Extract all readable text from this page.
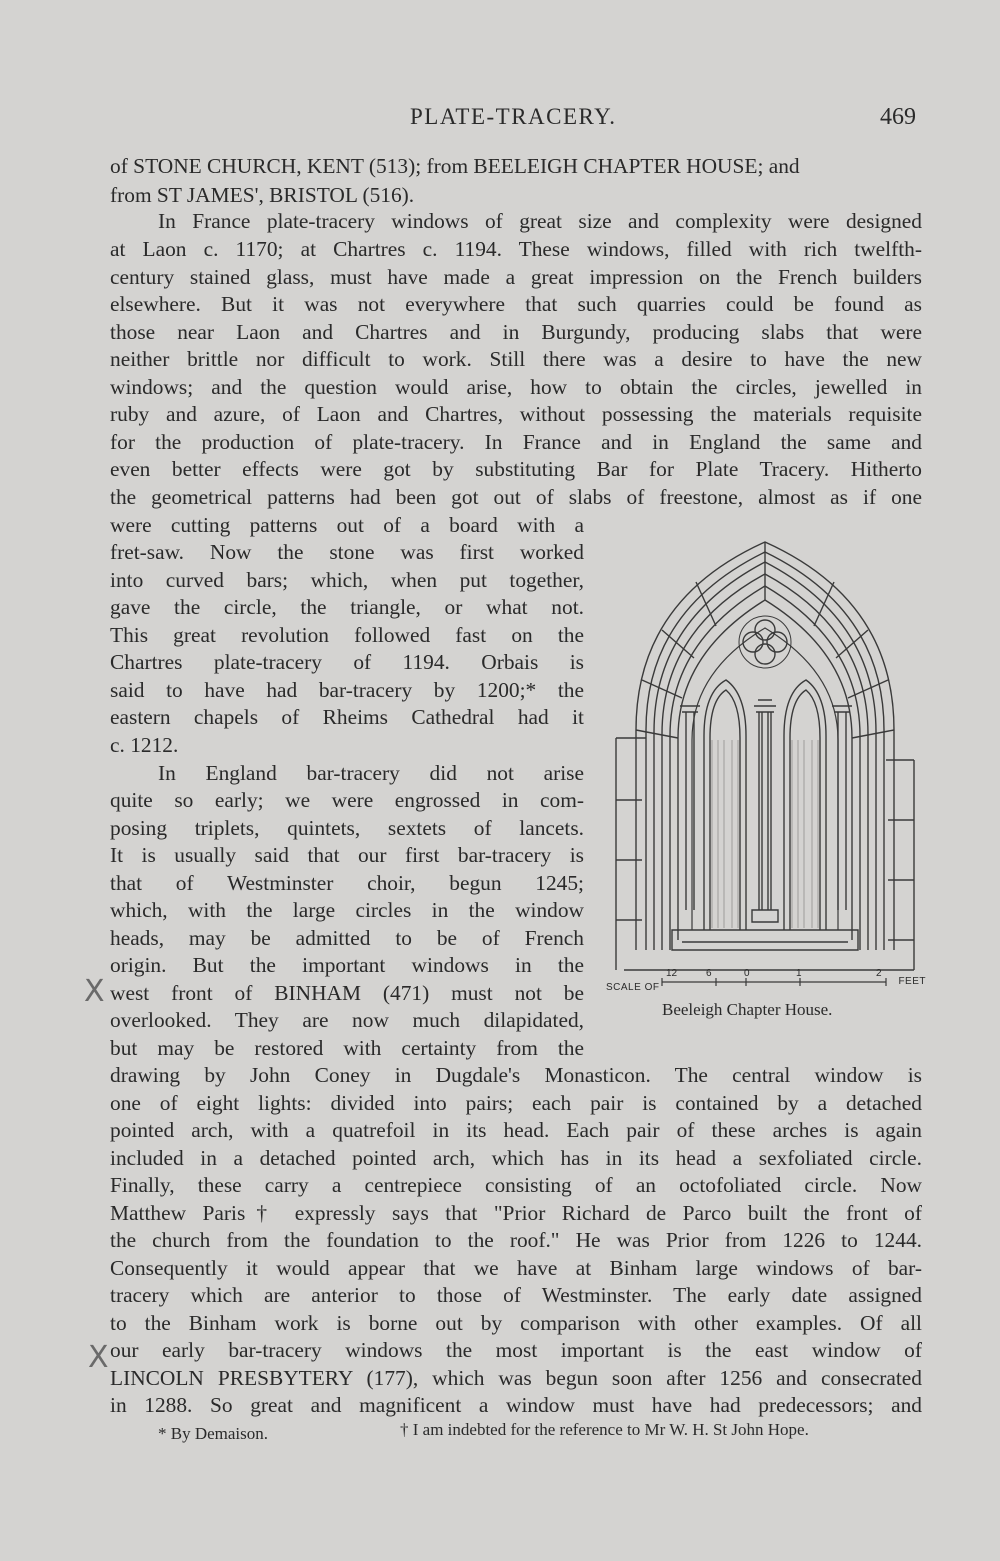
PLATE-TRACERY.	469
of STONE CHURCH, KENT (513); from BEELEIGH CHAPTER HOUSE; and
from ST JAMES', BRISTOL (516).
In France plate-tracery windows of great size and complexity were designed
at Laon c. 1170; at Chartres c. 1194. These windows, filled with rich twelfth-
century stained glass, must have made a great impression on the French builders
elsewhere. But it was not everywhere that such quarries could be found as
those near Laon and Chartres and in Burgundy, producing slabs that were
neither brittle nor difficult to work. Still there was a desire to have the new
windows; and the question would arise, how to obtain the circles, jewelled in
ruby and azure, of Laon and Chartres, without possessing the materials requisite
for the production of plate-tracery. In France and in England the same and
even better effects were got by substituting Bar for Plate Tracery. Hitherto
the geometrical patterns had been got out of slabs of freestone, almost as if one
were cutting patterns out of a board with a
fret-saw. Now the stone was first worked
into curved bars; which, when put together,
gave the circle, the triangle, or what not.
This great revolution followed fast on the
Chartres plate-tracery of 1194. Orbais is
said to have had bar-tracery by 1200;* the
eastern chapels of Rheims Cathedral had it
c. 1212.
In England bar-tracery did not arise
quite so early; we were engrossed in com-
posing triplets, quintets, sextets of lancets.
It is usually said that our first bar-tracery is
that of Westminster choir, begun 1245;
which, with the large circles in the window
heads, may be admitted to be of French
origin. But the important windows in the
west front of BINHAM (471) must not be
overlooked. They are now much dilapidated,
but may be restored with certainty from the
drawing by John Coney in Dugdale's Monasticon. The central window is
one of eight lights: divided into pairs; each pair is contained by a detached
pointed arch, with a quatrefoil in its head. Each pair of these arches is again
included in a detached pointed arch, which has in its head a sexfoliated circle.
Finally, these carry a centrepiece consisting of an octofoliated circle. Now
Matthew Paris† expressly says that "Prior Richard de Parco built the front of
the church from the foundation to the roof." He was Prior from 1226 to 1244.
Consequently it would appear that we have at Binham large windows of bar-
tracery which are anterior to those of Westminster. The early date assigned
to the Binham work is borne out by comparison with other examples. Of all
our early bar-tracery windows the most important is the east window of
LINCOLN PRESBYTERY (177), which was begun soon after 1256 and consecrated
in 1288. So great and magnificent a window must have had predecessors; and
X
X
12	6	0	1	2
SCALE OF
FEET
Beeleigh Chapter House.
* By Demaison.	† I am indebted for the reference to Mr W. H. St John Hope.
